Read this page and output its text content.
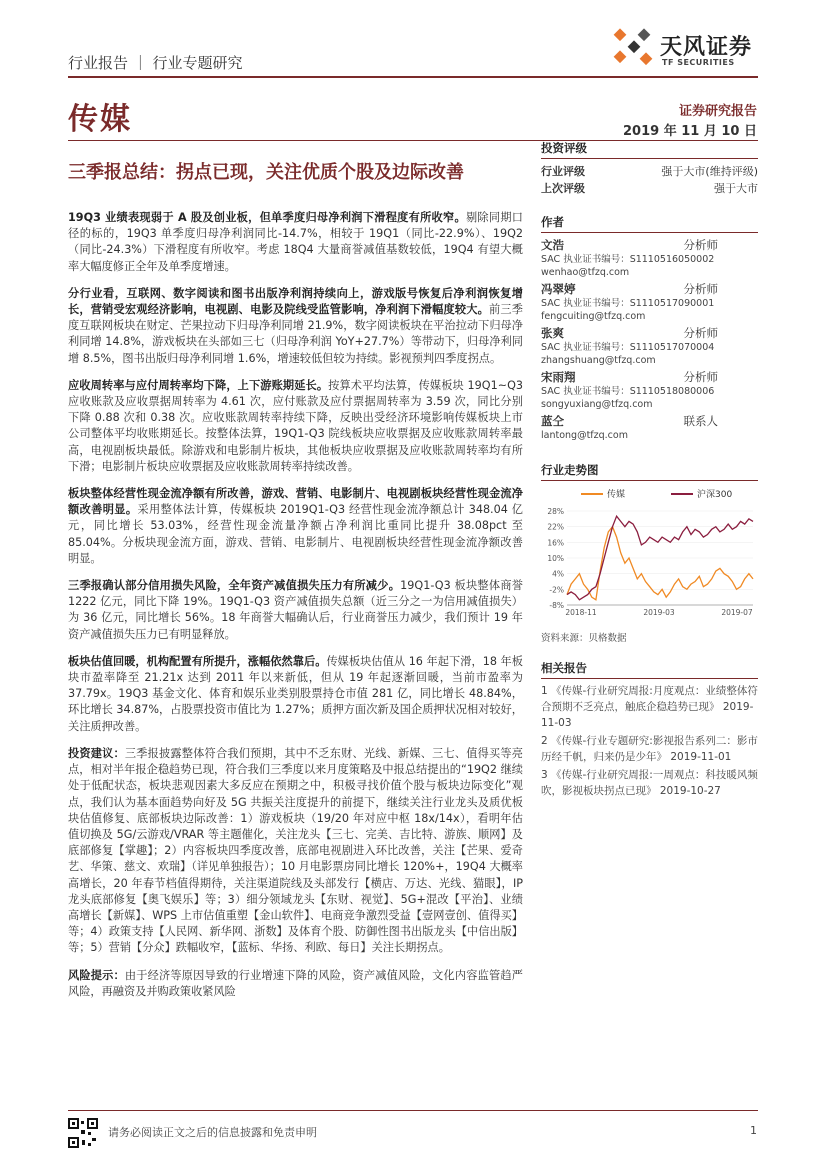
行业报告 ｜ 行业专题研究
天风证券
TF SECURITIES
传媒	证券研究报告
2019 年 11 月 10 日
三季报总结：拐点已现，关注优质个股及边际改善

19Q3 业绩表现弱于 A 股及创业板，但单季度归母净利润下滑程度有所收窄。剔除同期口径的标的，19Q3 单季度归母净利润同比-14.7%，相较于 19Q1（同比-22.9%）、19Q2（同比-24.3%）下滑程度有所收窄。考虑 18Q4 大量商誉减值基数较低，19Q4 有望大概率大幅度修正全年及单季度增速。

分行业看，互联网、数字阅读和图书出版净利润持续向上，游戏版号恢复后净利润恢复增长，营销受宏观经济影响，电视剧、电影及院线受监管影响，净利润下滑幅度较大。前三季度互联网板块在财定、芒果拉动下归母净利同增 21.9%，数字阅读板块在平治拉动下归母净利同增 14.8%，游戏板块在头部如三七（归母净利润 YoY+27.7%）等带动下，归母净利同增 8.5%，图书出版归母净利同增 1.6%，增速较低但较为持续。影视预判四季度拐点。

应收周转率与应付周转率均下降，上下游账期延长。按算术平均法算，传媒板块 19Q1~Q3 应收账款及应收票据周转率为 4.61 次，应付账款及应付票据周转率为 3.59 次，同比分别下降 0.88 次和 0.38 次。应收账款周转率持续下降，反映出受经济环境影响传媒板块上市公司整体平均收账期延长。按整体法算，19Q1-Q3 院线板块应收票据及应收账款周转率最高，电视剧板块最低。除游戏和电影制片板块，其他板块应收票据及应收账款周转率均有所下滑；电影制片板块应收票据及应收账款周转率持续改善。

板块整体经营性现金流净额有所改善，游戏、营销、电影制片、电视剧板块经营性现金流净额改善明显。采用整体法计算，传媒板块 2019Q1-Q3 经营性现金流净额总计 348.04 亿元，同比增长 53.03%，经营性现金流量净额占净利润比重同比提升 38.08pct 至 85.04%。分板块现金流方面，游戏、营销、电影制片、电视剧板块经营性现金流净额改善明显。

三季报确认部分信用损失风险，全年资产减值损失压力有所减少。19Q1-Q3 板块整体商誉 1222 亿元，同比下降 19%。19Q1-Q3 资产减值损失总额（近三分之一为信用减值损失）为 36 亿元，同比增长 56%。18 年商誉大幅确认后，行业商誉压力减少，我们预计 19 年资产减值损失压力已有明显释放。

板块估值回暖，机构配置有所提升，涨幅依然靠后。传媒板块估值从 16 年起下滑，18 年板块市盈率降至 21.21x 达到 2011 年以来新低，但从 19 年起逐渐回暖，当前市盈率为 37.79x。19Q3 基金文化、体育和娱乐业类别股票持仓市值 281 亿，同比增长 48.84%，环比增长 34.87%，占股票投资市值比为 1.27%；质押方面次新及国企质押状况相对较好，关注质押改善。

投资建议：三季报披露整体符合我们预期，其中不乏东财、光线、新媒、三七、值得买等亮点，相对半年报企稳趋势已现，符合我们三季度以来月度策略及中报总结提出的“19Q2 继续处于低配状态，板块悲观因素大多反应在预期之中，积极寻找价值个股与板块边际变化”观点，我们认为基本面趋势向好及 5G 共振关注度提升的前提下，继续关注行业龙头及质优板块估值修复、底部板块边际改善：1）游戏板块（19/20 年对应中枢 18x/14x），看明年估值切换及 5G/云游戏/VRAR 等主题催化，关注龙头【三七、完美、吉比特、游族、顺网】及底部修复【掌趣】；2）内容板块四季度改善，底部电视剧进入环比改善，关注【芒果、爱奇艺、华策、慈文、欢瑞】（详见单独报告）；10 月电影票房同比增长 120%+，19Q4 大概率高增长，20 年春节档值得期待，关注渠道院线及头部发行【横店、万达、光线、猫眼】，IP 龙头底部修复【奥飞娱乐】等；3）细分领域龙头【东财、视觉】、5G+混改【平治】、业绩高增长【新媒】、WPS 上市估值重塑【金山软件】、电商竞争激烈受益【壹网壹创、值得买】等；4）政策支持【人民网、新华网、浙数】及体育个股、防御性图书出版龙头【中信出版】等；5）营销【分众】跌幅收窄，【蓝标、华扬、利欧、每日】关注长期拐点。

风险提示：由于经济等原因导致的行业增速下降的风险，资产减值风险，文化内容监管趋严风险，再融资及并购政策收紧风险

投资评级
行业评级	强于大市(维持评级)
上次评级	强于大市
作者
文浩	分析师
SAC 执业证书编号：S1110516050002
wenhao@tfzq.com
冯翠婷	分析师
SAC 执业证书编号：S1110517090001
fengcuiting@tfzq.com
张爽	分析师
SAC 执业证书编号：S1110517070004
zhangshuang@tfzq.com
宋雨翔	分析师
SAC 执业证书编号：S1110518080006
songyuxiang@tfzq.com
蓝仝	联系人
lantong@tfzq.com
行业走势图
传媒	沪深300
28%
22%
16%
10%
4%
-2%
-8%
2018-11	2019-03	2019-07
资料来源：贝格数据
相关报告
1 《传媒-行业研究周报:月度观点：业绩整体符合预期不乏亮点，触底企稳趋势已现》 2019-11-03
2 《传媒-行业专题研究:影视报告系列二：影市历经千帆，归来仍是少年》 2019-11-01
3 《传媒-行业研究周报:一周观点：科技暖风频吹，影视板块拐点已现》 2019-10-27
请务必阅读正文之后的信息披露和免责申明	1
